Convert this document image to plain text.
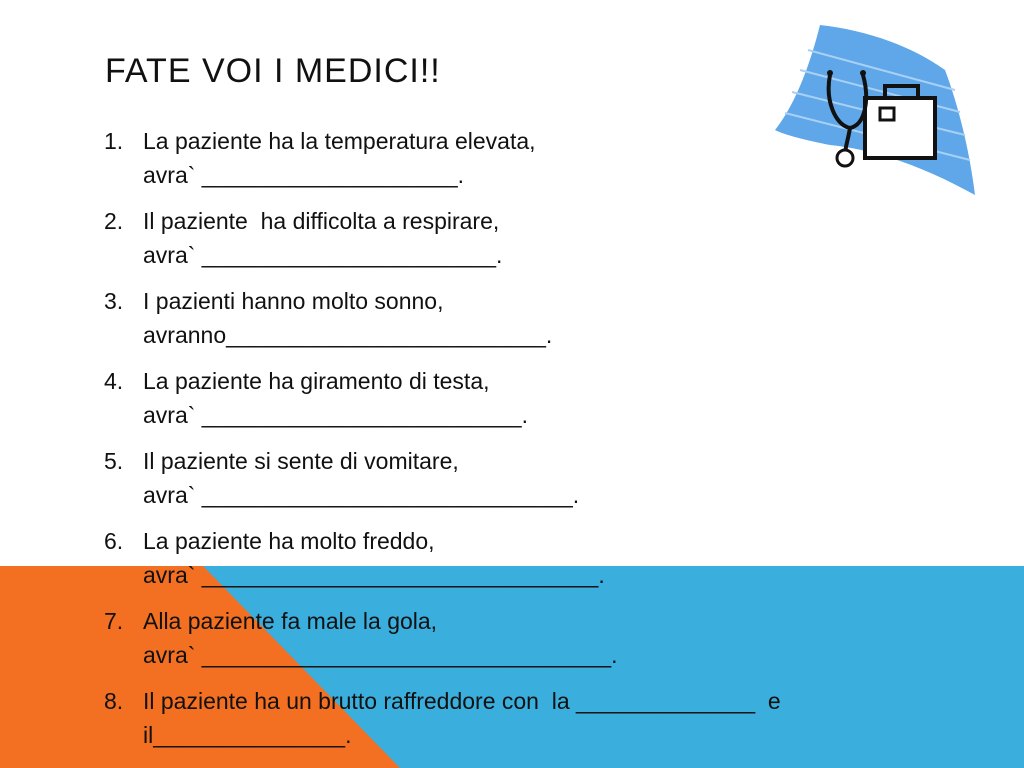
FATE VOI I MEDICI!!
1. La paziente ha la temperatura elevata,
avra` ____________________.
2. Il paziente  ha difficolta a respirare,
avra` _______________________.
3. I pazienti hanno molto sonno,
avranno_________________________.
4. La paziente ha giramento di testa,
avra` _________________________.
5. Il paziente si sente di vomitare,
avra` _____________________________.
6. La paziente ha molto freddo,
avra` _______________________________.
7. Alla paziente fa male la gola,
avra` ________________________________.
8. Il paziente ha un brutto raffreddore con  la ______________  e
il_______________.
